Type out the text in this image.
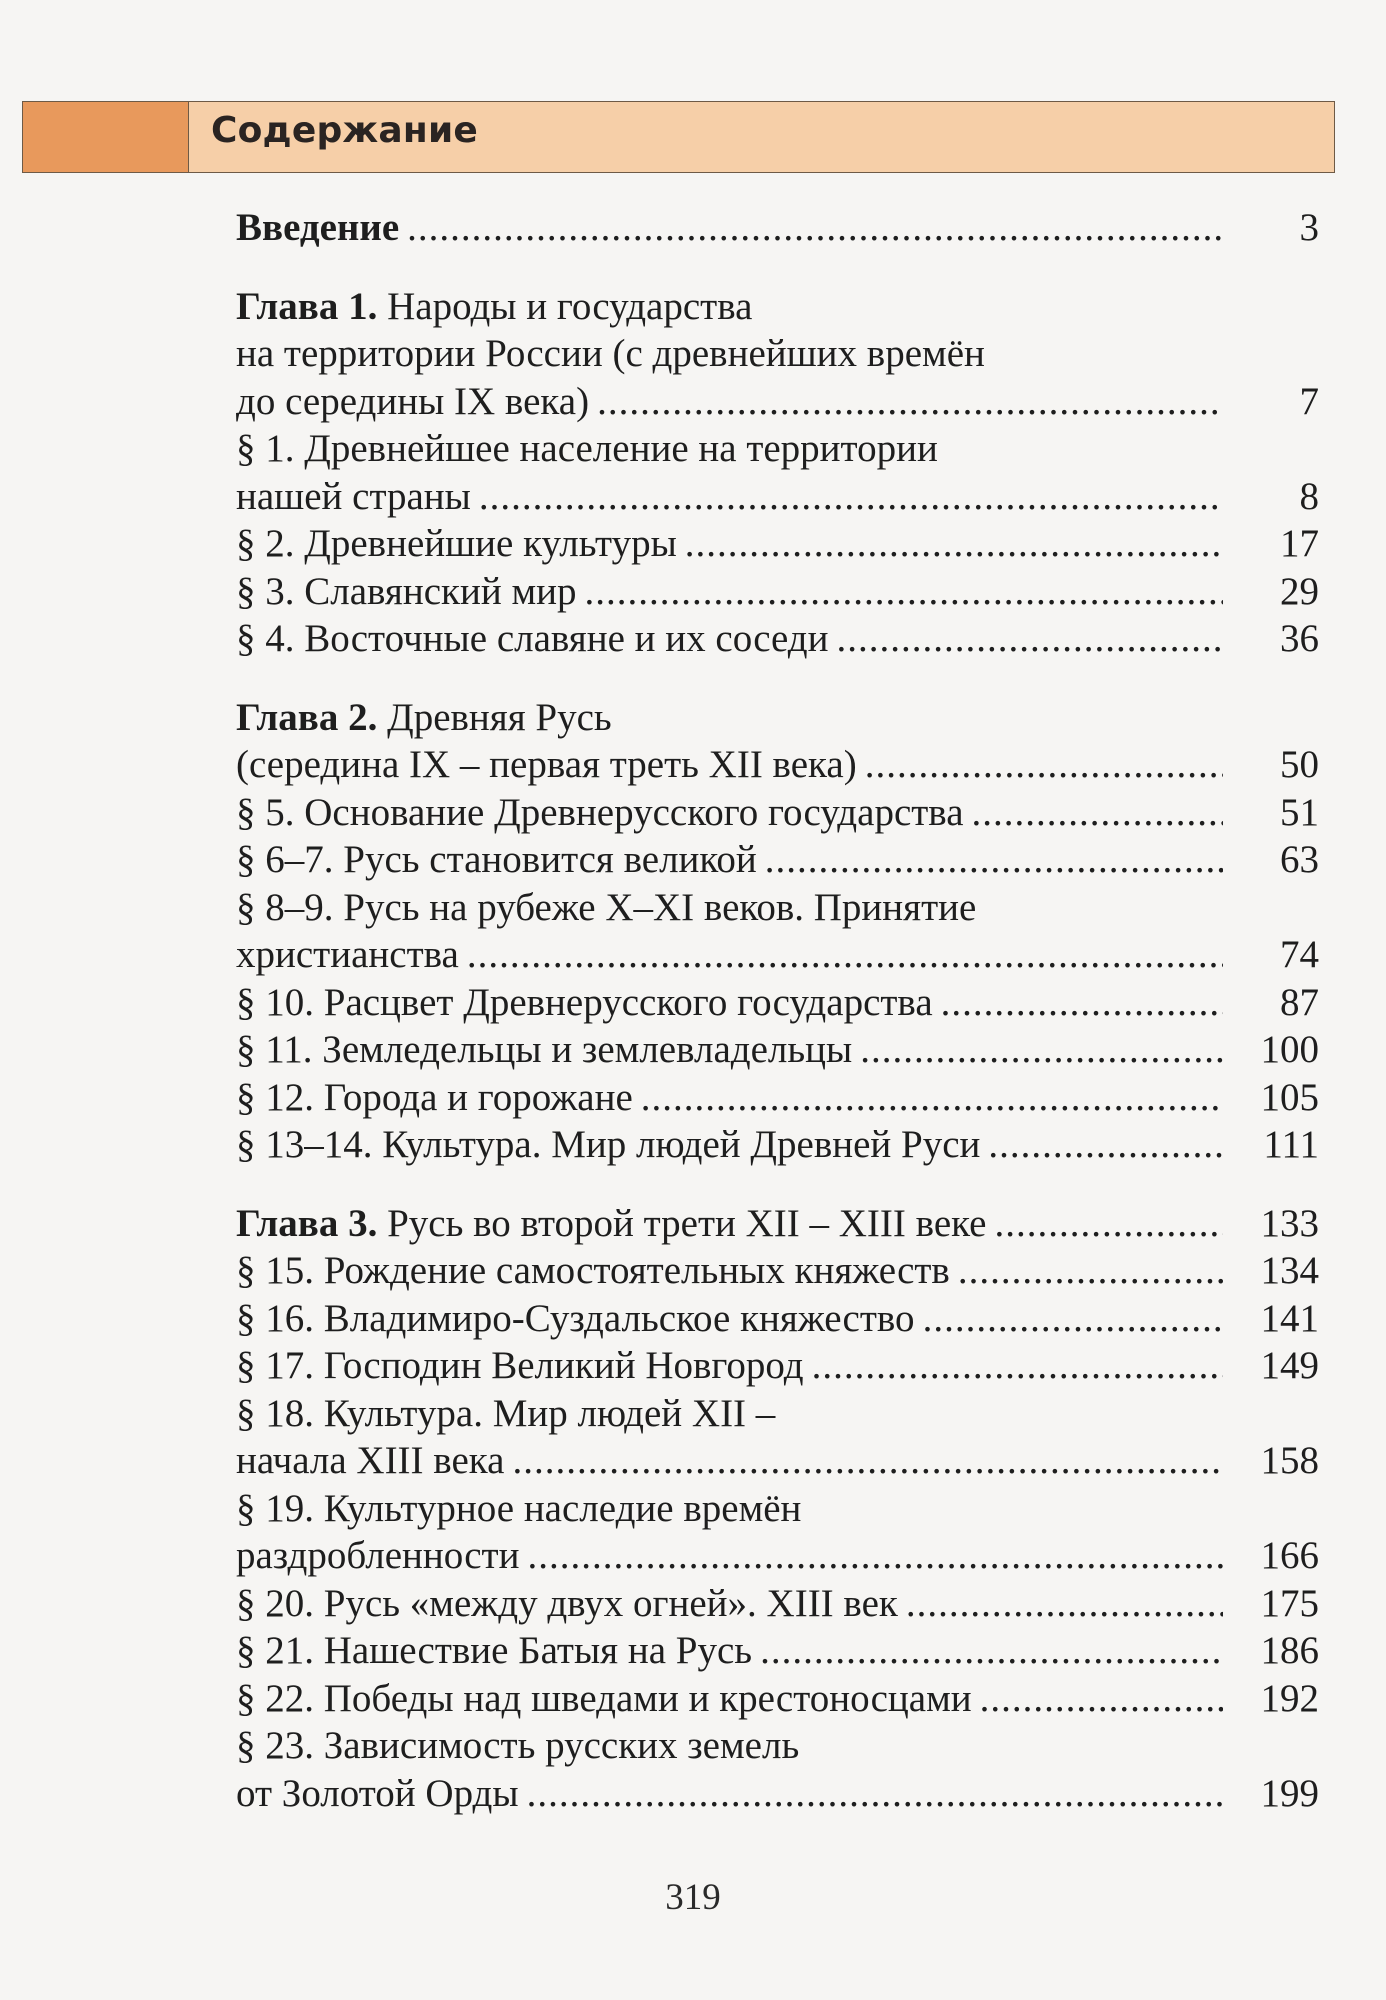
Содержание
Введение .....	3
Глава 1. Народы и государства
на территории России (с древнейших времён
до середины IX века) .....	7
§ 1. Древнейшее население на территории
нашей страны .....	8
§ 2. Древнейшие культуры .....	17
§ 3. Славянский мир .....	29
§ 4. Восточные славяне и их соседи .....	36
Глава 2. Древняя Русь
(середина IX – первая треть XII века) .....	50
§ 5. Основание Древнерусского государства .....	51
§ 6–7. Русь становится великой .....	63
§ 8–9. Русь на рубеже X–XI веков. Принятие
христианства .....	74
§ 10. Расцвет Древнерусского государства .....	87
§ 11. Земледельцы и землевладельцы .....	100
§ 12. Города и горожане .....	105
§ 13–14. Культура. Мир людей Древней Руси .....	111
Глава 3. Русь во второй трети XII – XIII веке .....	133
§ 15. Рождение самостоятельных княжеств .....	134
§ 16. Владимиро-Суздальское княжество .....	141
§ 17. Господин Великий Новгород .....	149
§ 18. Культура. Мир людей XII –
начала XIII века .....	158
§ 19. Культурное наследие времён
раздробленности .....	166
§ 20. Русь «между двух огней». XIII век .....	175
§ 21. Нашествие Батыя на Русь .....	186
§ 22. Победы над шведами и крестоносцами .....	192
§ 23. Зависимость русских земель
от Золотой Орды .....	199
319
